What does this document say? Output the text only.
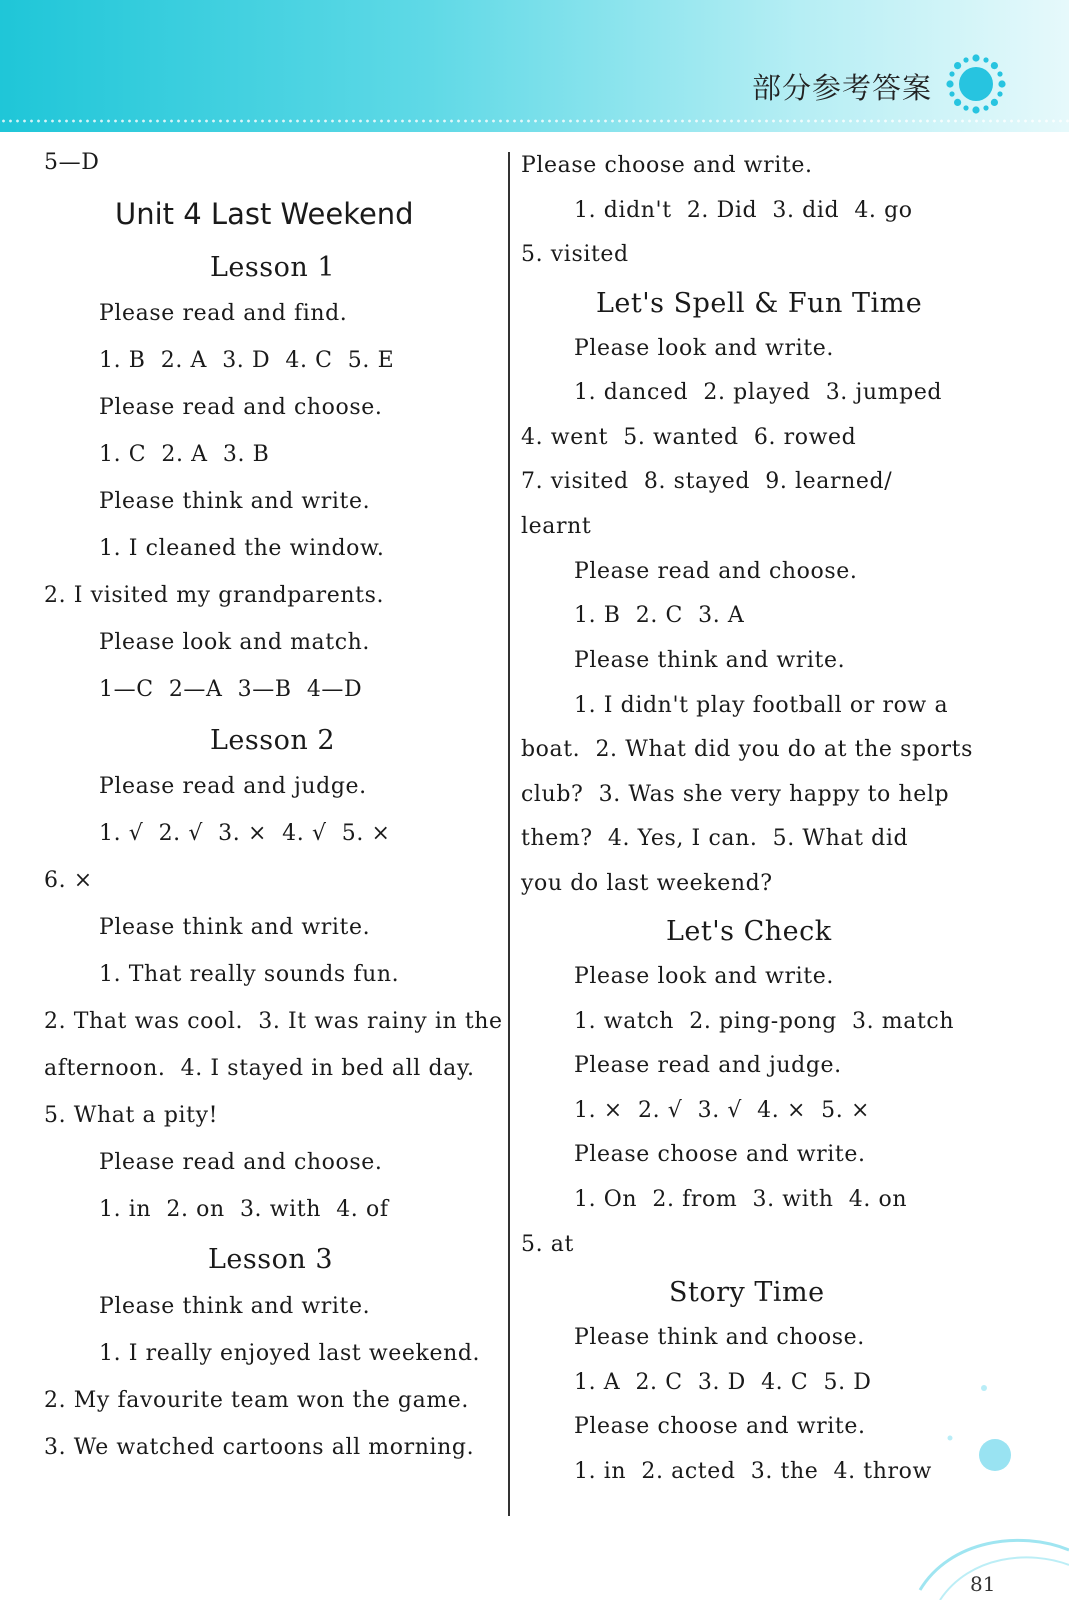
部分参考答案
5—D
Unit 4 Last Weekend
Lesson 1
Please read and find.
1. B  2. A  3. D  4. C  5. E
Please read and choose.
1. C  2. A  3. B
Please think and write.
1. I cleaned the window.
2. I visited my grandparents.
Please look and match.
1—C  2—A  3—B  4—D
Lesson 2
Please read and judge.
1. √  2. √  3. ×  4. √  5. ×
6. ×
Please think and write.
1. That really sounds fun.
2. That was cool.  3. It was rainy in the
afternoon.  4. I stayed in bed all day.
5. What a pity!
Please read and choose.
1. in  2. on  3. with  4. of
Lesson 3
Please think and write.
1. I really enjoyed last weekend.
2. My favourite team won the game.
3. We watched cartoons all morning.
Please choose and write.
1. didn't  2. Did  3. did  4. go
5. visited
Let's Spell & Fun Time
Please look and write.
1. danced  2. played  3. jumped
4. went  5. wanted  6. rowed
7. visited  8. stayed  9. learned/
learnt
Please read and choose.
1. B  2. C  3. A
Please think and write.
1. I didn't play football or row a
boat.  2. What did you do at the sports
club?  3. Was she very happy to help
them?  4. Yes, I can.  5. What did
you do last weekend?
Let's Check
Please look and write.
1. watch  2. ping-pong  3. match
Please read and judge.
1. ×  2. √  3. √  4. ×  5. ×
Please choose and write.
1. On  2. from  3. with  4. on
5. at
Story Time
Please think and choose.
1. A  2. C  3. D  4. C  5. D
Please choose and write.
1. in  2. acted  3. the  4. throw
81
